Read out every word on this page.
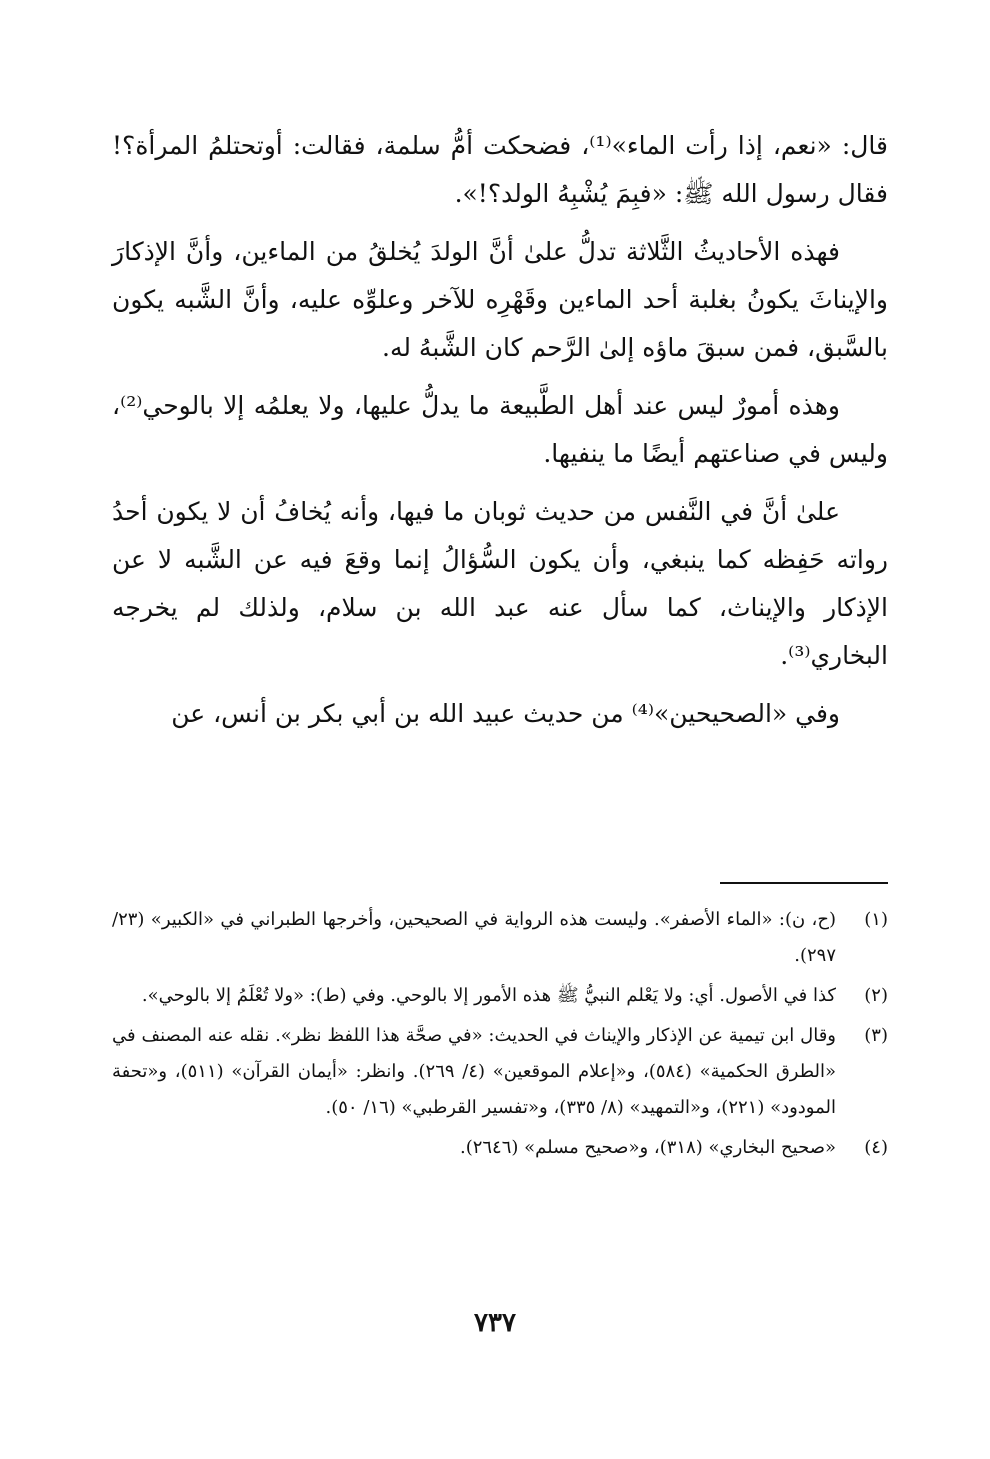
قال: «نعم، إذا رأت الماء»⁽¹⁾، فضحكت أمُّ سلمة، فقالت: أوتحتلمُ المرأة؟! فقال رسول الله ﷺ: «فبِمَ يُشْبِهُ الولد؟!».

فهذه الأحاديثُ الثَّلاثة تدلُّ علىٰ أنَّ الولدَ يُخلقُ من الماءين، وأنَّ الإذكارَ والإيناثَ يكونُ بغلبة أحد الماءين وقَهْرِه للآخر وعلوِّه عليه، وأنَّ الشَّبه يكون بالسَّبق، فمن سبقَ ماؤه إلىٰ الرَّحم كان الشَّبهُ له.

وهذه أمورٌ ليس عند أهل الطَّبيعة ما يدلُّ عليها، ولا يعلمُه إلا بالوحي⁽²⁾، وليس في صناعتهم أيضًا ما ينفيها.

علىٰ أنَّ في النَّفس من حديث ثوبان ما فيها، وأنه يُخافُ أن لا يكون أحدُ رواته حَفِظه كما ينبغي، وأن يكون السُّؤالُ إنما وقعَ فيه عن الشَّبه لا عن الإذكار والإيناث، كما سأل عنه عبد الله بن سلام، ولذلك لم يخرجه البخاري⁽³⁾.

وفي «الصحيحين»⁽⁴⁾ من حديث عبيد الله بن أبي بكر بن أنس، عن

(١)
(ح، ن): «الماء الأصفر». وليست هذه الرواية في الصحيحين، وأخرجها الطبراني في «الكبير» (٢٣/ ٢٩٧).
(٢)
كذا في الأصول. أي: ولا يَعْلم النبيُّ ﷺ هذه الأمور إلا بالوحي. وفي (ط): «ولا تُعْلَمُ إلا بالوحي».
(٣)
وقال ابن تيمية عن الإذكار والإيناث في الحديث: «في صحَّة هذا اللفظ نظر». نقله عنه المصنف في «الطرق الحكمية» (٥٨٤)، و«إعلام الموقعين» (٤/ ٢٦٩). وانظر: «أيمان القرآن» (٥١١)، و«تحفة المودود» (٢٢١)، و«التمهيد» (٨/ ٣٣٥)، و«تفسير القرطبي» (١٦/ ٥٠).
(٤)
«صحيح البخاري» (٣١٨)، و«صحيح مسلم» (٢٦٤٦).
٧٣٧
